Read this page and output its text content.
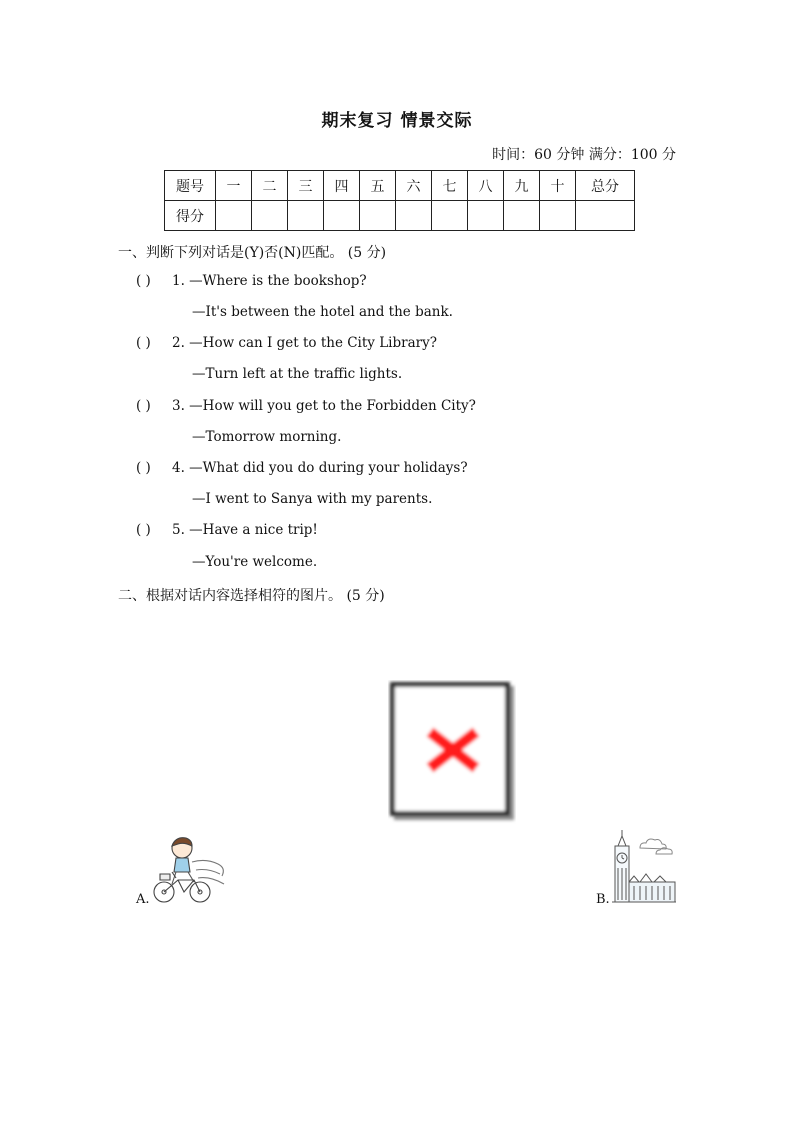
期末复习 情景交际
时间：60 分钟 满分：100 分
题号	一	二	三	四	五	六	七	八	九	十	总分
得分											
一、判断下列对话是(Y)否(N)匹配。 (5 分)
( ) 1. —Where is the bookshop?
—It's between the hotel and the bank.
( ) 2. —How can I get to the City Library?
—Turn left at the traffic lights.
( ) 3. —How will you get to the Forbidden City?
—Tomorrow morning.
( ) 4. —What did you do during your holidays?
—I went to Sanya with my parents.
( ) 5. —Have a nice trip!
—You're welcome.
二、根据对话内容选择相符的图片。 (5 分)
A.	B.
